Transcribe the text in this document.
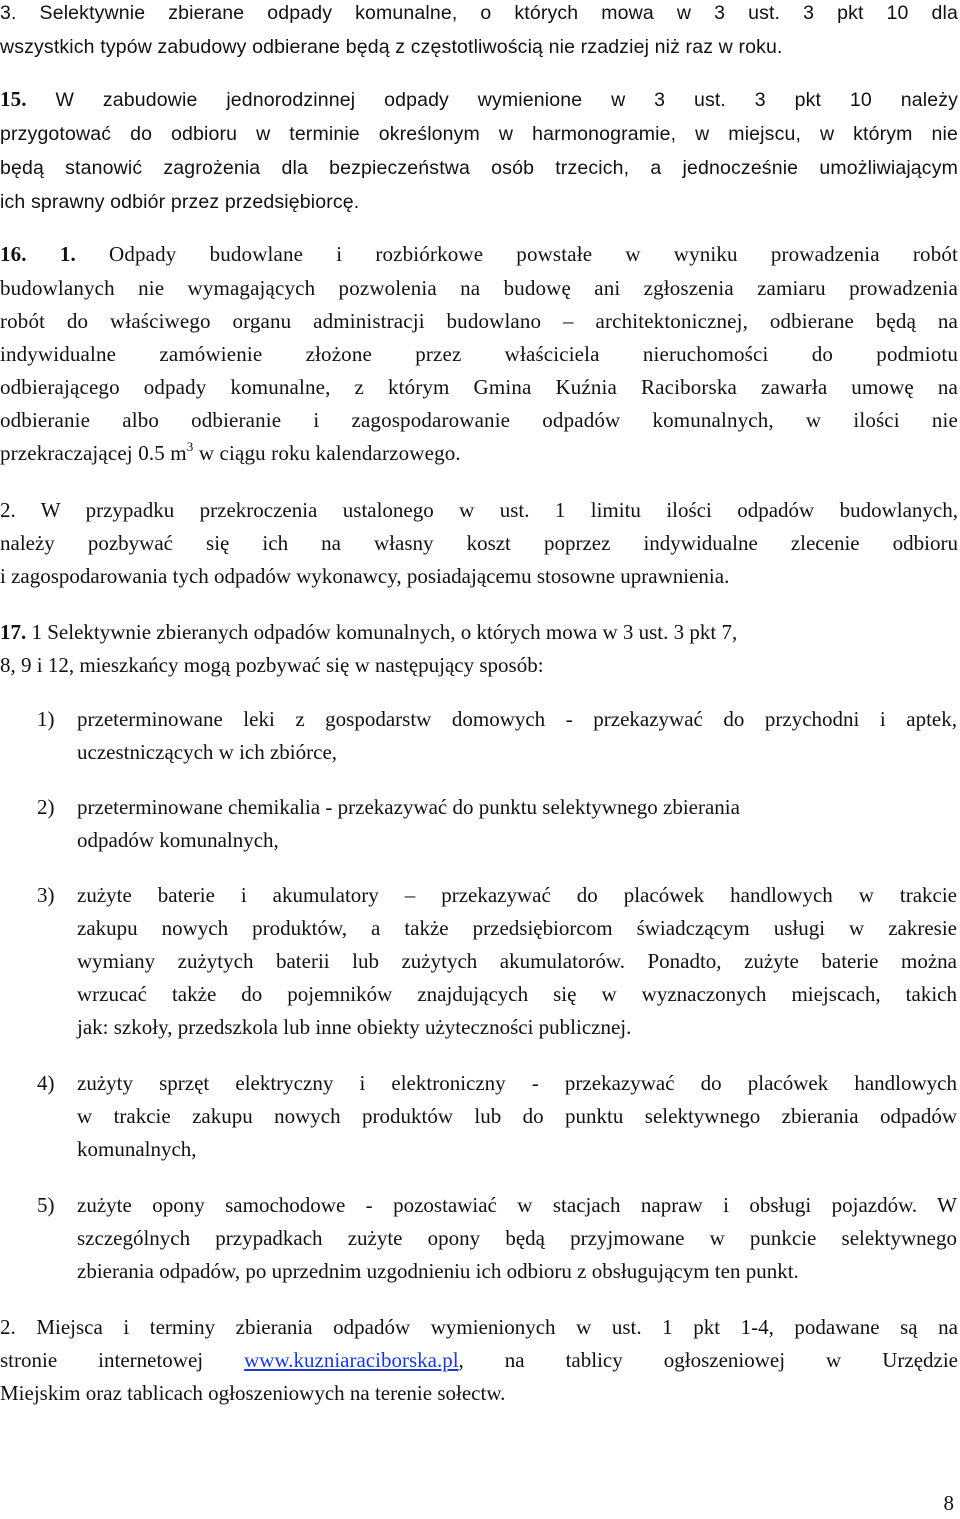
3. Selektywnie zbierane odpady komunalne, o których mowa w 3 ust. 3 pkt 10 dla
wszystkich typów zabudowy odbierane będą z częstotliwością nie rzadziej niż raz w roku.

15. W zabudowie jednorodzinnej odpady wymienione w 3 ust. 3 pkt 10 należy
przygotować do odbioru w terminie określonym w harmonogramie, w miejscu, w którym nie
będą stanowić zagrożenia dla bezpieczeństwa osób trzecich, a jednocześnie umożliwiającym
ich sprawny odbiór przez przedsiębiorcę.

16. 1. Odpady budowlane i rozbiórkowe powstałe w wyniku prowadzenia robót
budowlanych nie wymagających pozwolenia na budowę ani zgłoszenia zamiaru prowadzenia
robót do właściwego organu administracji budowlano – architektonicznej, odbierane będą na
indywidualne zamówienie złożone przez właściciela nieruchomości do podmiotu
odbierającego odpady komunalne, z którym Gmina Kuźnia Raciborska zawarła umowę na
odbieranie albo odbieranie i zagospodarowanie odpadów komunalnych, w ilości nie
przekraczającej 0.5 $m^3$ w ciągu roku kalendarzowego.

2. W przypadku przekroczenia ustalonego w ust. 1 limitu ilości odpadów budowlanych,
należy pozbywać się ich na własny koszt poprzez indywidualne zlecenie odbioru
i zagospodarowania tych odpadów wykonawcy, posiadającemu stosowne uprawnienia.

17. 1 Selektywnie zbieranych odpadów komunalnych, o których mowa w 3 ust. 3 pkt 7,
8, 9 i 12, mieszkańcy mogą pozbywać się w następujący sposób:

1) przeterminowane leki z gospodarstw domowych - przekazywać do przychodni i aptek,
uczestniczących w ich zbiórce,
2) przeterminowane chemikalia - przekazywać do punktu selektywnego zbierania
odpadów komunalnych,
3) zużyte baterie i akumulatory – przekazywać do placówek handlowych w trakcie
zakupu nowych produktów, a także przedsiębiorcom świadczącym usługi w zakresie
wymiany zużytych baterii lub zużytych akumulatorów. Ponadto, zużyte baterie można
wrzucać także do pojemników znajdujących się w wyznaczonych miejscach, takich
jak: szkoły, przedszkola lub inne obiekty użyteczności publicznej.
4) zużyty sprzęt elektryczny i elektroniczny - przekazywać do placówek handlowych
w trakcie zakupu nowych produktów lub do punktu selektywnego zbierania odpadów
komunalnych,
5) zużyte opony samochodowe - pozostawiać w stacjach napraw i obsługi pojazdów. W
szczególnych przypadkach zużyte opony będą przyjmowane w punkcie selektywnego
zbierania odpadów, po uprzednim uzgodnieniu ich odbioru z obsługującym ten punkt.

2. Miejsca i terminy zbierania odpadów wymienionych w ust. 1 pkt 1-4, podawane są na
stronie internetowej www.kuzniaraciborska.pl, na tablicy ogłoszeniowej w Urzędzie
Miejskim oraz tablicach ogłoszeniowych na terenie sołectw.

8
